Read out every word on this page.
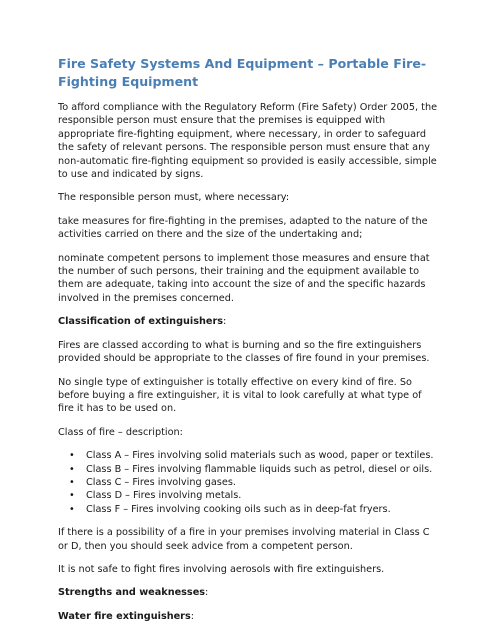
Fire Safety Systems And Equipment – Portable Fire-Fighting Equipment

To afford compliance with the Regulatory Reform (Fire Safety) Order 2005, the responsible person must ensure that the premises is equipped with appropriate fire-fighting equipment, where necessary, in order to safeguard the safety of relevant persons. The responsible person must ensure that any non-automatic fire-fighting equipment so provided is easily accessible, simple to use and indicated by signs.

The responsible person must, where necessary:

take measures for fire-fighting in the premises, adapted to the nature of the activities carried on there and the size of the undertaking and;

nominate competent persons to implement those measures and ensure that the number of such persons, their training and the equipment available to them are adequate, taking into account the size of and the specific hazards involved in the premises concerned.

Classification of extinguishers:

Fires are classed according to what is burning and so the fire extinguishers provided should be appropriate to the classes of fire found in your premises.

No single type of extinguisher is totally effective on every kind of fire. So before buying a fire extinguisher, it is vital to look carefully at what type of fire it has to be used on.

Class of fire – description:

• Class A – Fires involving solid materials such as wood, paper or textiles.
• Class B – Fires involving flammable liquids such as petrol, diesel or oils.
• Class C – Fires involving gases.
• Class D – Fires involving metals.
• Class F – Fires involving cooking oils such as in deep-fat fryers.

If there is a possibility of a fire in your premises involving material in Class C or D, then you should seek advice from a competent person.

It is not safe to fight fires involving aerosols with fire extinguishers.

Strengths and weaknesses:

Water fire extinguishers:
